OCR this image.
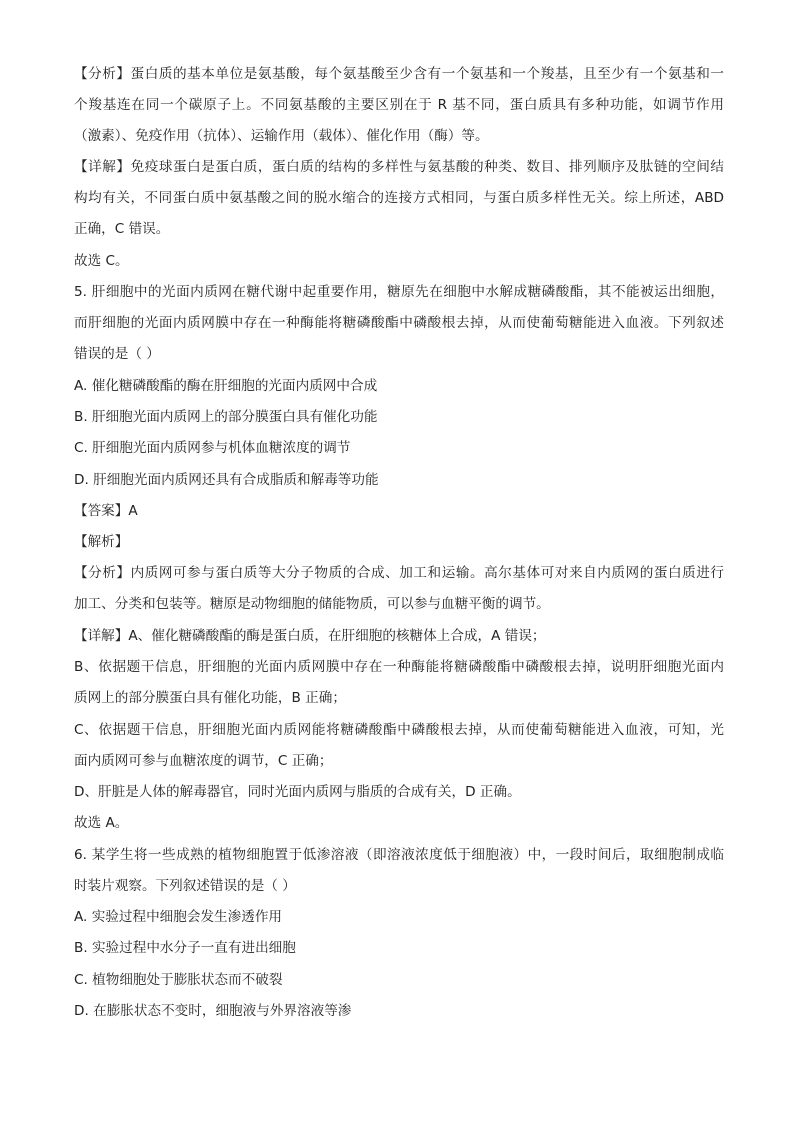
【分析】蛋白质的基本单位是氨基酸，每个氨基酸至少含有一个氨基和一个羧基，且至少有一个氨基和一
个羧基连在同一个碳原子上。不同氨基酸的主要区别在于 R 基不同，蛋白质具有多种功能，如调节作用
（激素）、免疫作用（抗体）、运输作用（载体）、催化作用（酶）等。
【详解】免疫球蛋白是蛋白质，蛋白质的结构的多样性与氨基酸的种类、数目、排列顺序及肽链的空间结
构均有关，不同蛋白质中氨基酸之间的脱水缩合的连接方式相同，与蛋白质多样性无关。综上所述，ABD
正确，C 错误。
故选 C。
5. 肝细胞中的光面内质网在糖代谢中起重要作用，糖原先在细胞中水解成糖磷酸酯，其不能被运出细胞，
而肝细胞的光面内质网膜中存在一种酶能将糖磷酸酯中磷酸根去掉，从而使葡萄糖能进入血液。下列叙述
错误的是（ ）
A. 催化糖磷酸酯的酶在肝细胞的光面内质网中合成
B. 肝细胞光面内质网上的部分膜蛋白具有催化功能
C. 肝细胞光面内质网参与机体血糖浓度的调节
D. 肝细胞光面内质网还具有合成脂质和解毒等功能
【答案】A
【解析】
【分析】内质网可参与蛋白质等大分子物质的合成、加工和运输。高尔基体可对来自内质网的蛋白质进行
加工、分类和包装等。糖原是动物细胞的储能物质，可以参与血糖平衡的调节。
【详解】A、催化糖磷酸酯的酶是蛋白质，在肝细胞的核糖体上合成，A 错误；
B、依据题干信息，肝细胞的光面内质网膜中存在一种酶能将糖磷酸酯中磷酸根去掉，说明肝细胞光面内
质网上的部分膜蛋白具有催化功能，B 正确；
C、依据题干信息，肝细胞光面内质网能将糖磷酸酯中磷酸根去掉，从而使葡萄糖能进入血液，可知，光
面内质网可参与血糖浓度的调节，C 正确；
D、肝脏是人体的解毒器官，同时光面内质网与脂质的合成有关，D 正确。
故选 A。
6. 某学生将一些成熟的植物细胞置于低渗溶液（即溶液浓度低于细胞液）中，一段时间后，取细胞制成临
时装片观察。下列叙述错误的是（ ）
A. 实验过程中细胞会发生渗透作用
B. 实验过程中水分子一直有进出细胞
C. 植物细胞处于膨胀状态而不破裂
D. 在膨胀状态不变时，细胞液与外界溶液等渗
